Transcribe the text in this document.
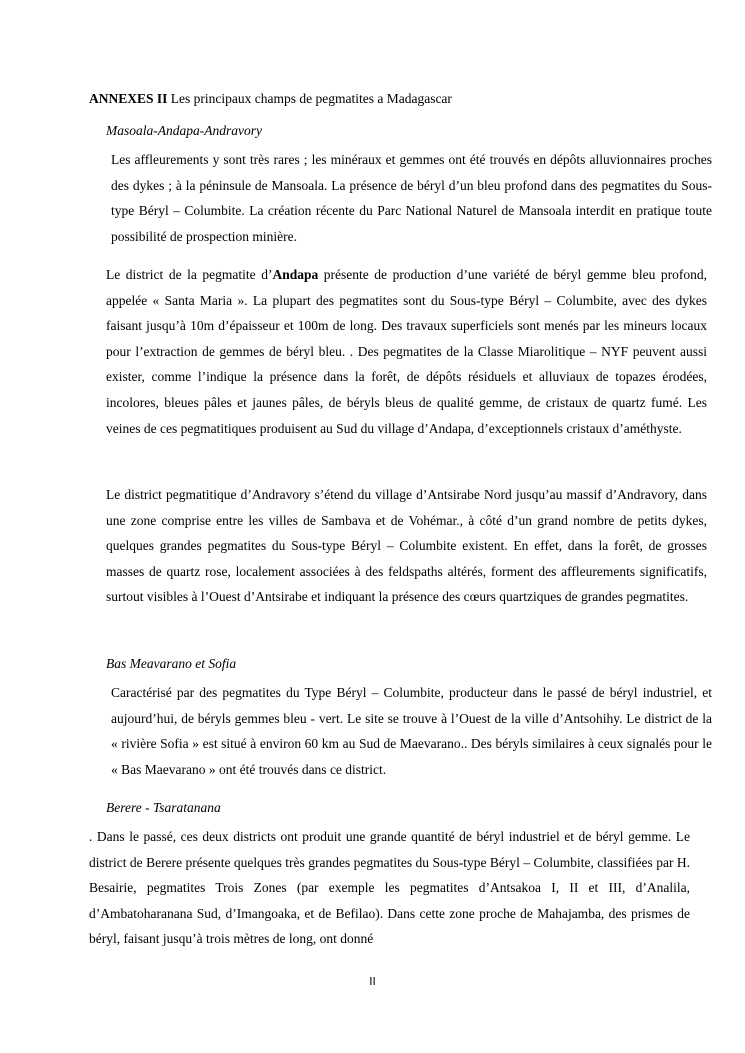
ANNEXES II Les principaux champs de pegmatites a Madagascar
Masoala-Andapa-Andravory

Les affleurements y sont très rares ; les minéraux et gemmes ont été trouvés en dépôts alluvionnaires proches des dykes ; à la péninsule de Mansoala. La présence de béryl d’un bleu profond dans des pegmatites du Sous-type Béryl – Columbite. La création récente du Parc National Naturel de Mansoala interdit en pratique toute possibilité de prospection minière.

Le district de la pegmatite d’Andapa présente de production d’une variété de béryl gemme bleu profond, appelée « Santa Maria ». La plupart des pegmatites sont du Sous-type Béryl – Columbite, avec des dykes faisant jusqu’à 10m d’épaisseur et 100m de long. Des travaux superficiels sont menés par les mineurs locaux pour l’extraction de gemmes de béryl bleu. . Des pegmatites de la Classe Miarolitique – NYF peuvent aussi exister, comme l’indique la présence dans la forêt, de dépôts résiduels et alluviaux de topazes érodées, incolores, bleues pâles et jaunes pâles, de béryls bleus de qualité gemme, de cristaux de quartz fumé. Les veines de ces pegmatitiques produisent au Sud du village d’Andapa, d’exceptionnels cristaux d’améthyste.

Le district pegmatitique d’Andravory s’étend du village d’Antsirabe Nord jusqu’au massif d’Andravory, dans une zone comprise entre les villes de Sambava et de Vohémar., à côté d’un grand nombre de petits dykes, quelques grandes pegmatites du Sous-type Béryl – Columbite existent. En effet, dans la forêt, de grosses masses de quartz rose, localement associées à des feldspaths altérés, forment des affleurements significatifs, surtout visibles à l’Ouest d’Antsirabe et indiquant la présence des cœurs quartziques de grandes pegmatites.

Bas Meavarano et Sofia

Caractérisé par des pegmatites du Type Béryl – Columbite, producteur dans le passé de béryl industriel, et aujourd’hui, de béryls gemmes bleu - vert. Le site se trouve à l’Ouest de la ville d’Antsohihy. Le district de la « rivière Sofia » est situé à environ 60 km au Sud de Maevarano.. Des béryls similaires à ceux signalés pour le « Bas Maevarano » ont été trouvés dans ce district.

Berere - Tsaratanana

. Dans le passé, ces deux districts ont produit une grande quantité de béryl industriel et de béryl gemme. Le district de Berere présente quelques très grandes pegmatites du Sous-type Béryl – Columbite, classifiées par H. Besairie, pegmatites Trois Zones (par exemple les pegmatites d’Antsakoa I, II et III, d’Analila, d’Ambatoharanana Sud, d’Imangoaka, et de Befilao). Dans cette zone proche de Mahajamba, des prismes de béryl, faisant jusqu’à trois mètres de long, ont donné

II
